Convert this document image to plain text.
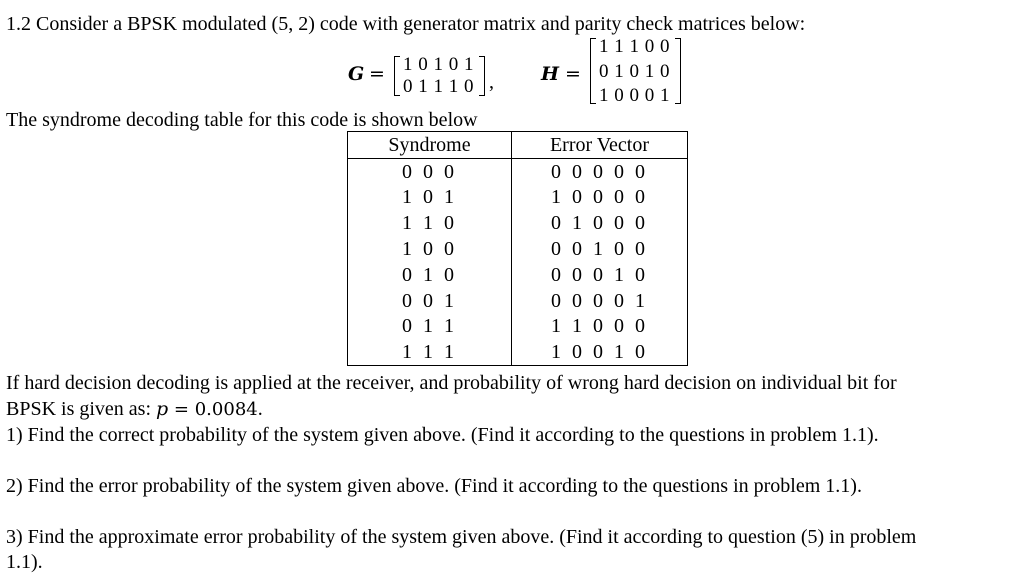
1.2 Consider a BPSK modulated (5, 2) code with generator matrix and parity check matrices below:
G = 1 0 1 0 1
0 1 1 1 0 , H =
1 1 1 0 0
0 1 0 1 0
1 0 0 0 1
The syndrome decoding table for this code is shown below
Syndrome	Error Vector
0 0 0	0 0 0 0 0
1 0 1	1 0 0 0 0
1 1 0	0 1 0 0 0
1 0 0	0 0 1 0 0
0 1 0	0 0 0 1 0
0 0 1	0 0 0 0 1
0 1 1	1 1 0 0 0
1 1 1	1 0 0 1 0
If hard decision decoding is applied at the receiver, and probability of wrong hard decision on individual bit for
BPSK is given as: p = 0.0084.
1) Find the correct probability of the system given above. (Find it according to the questions in problem 1.1).
2) Find the error probability of the system given above. (Find it according to the questions in problem 1.1).
3) Find the approximate error probability of the system given above. (Find it according to question (5) in problem
1.1).
